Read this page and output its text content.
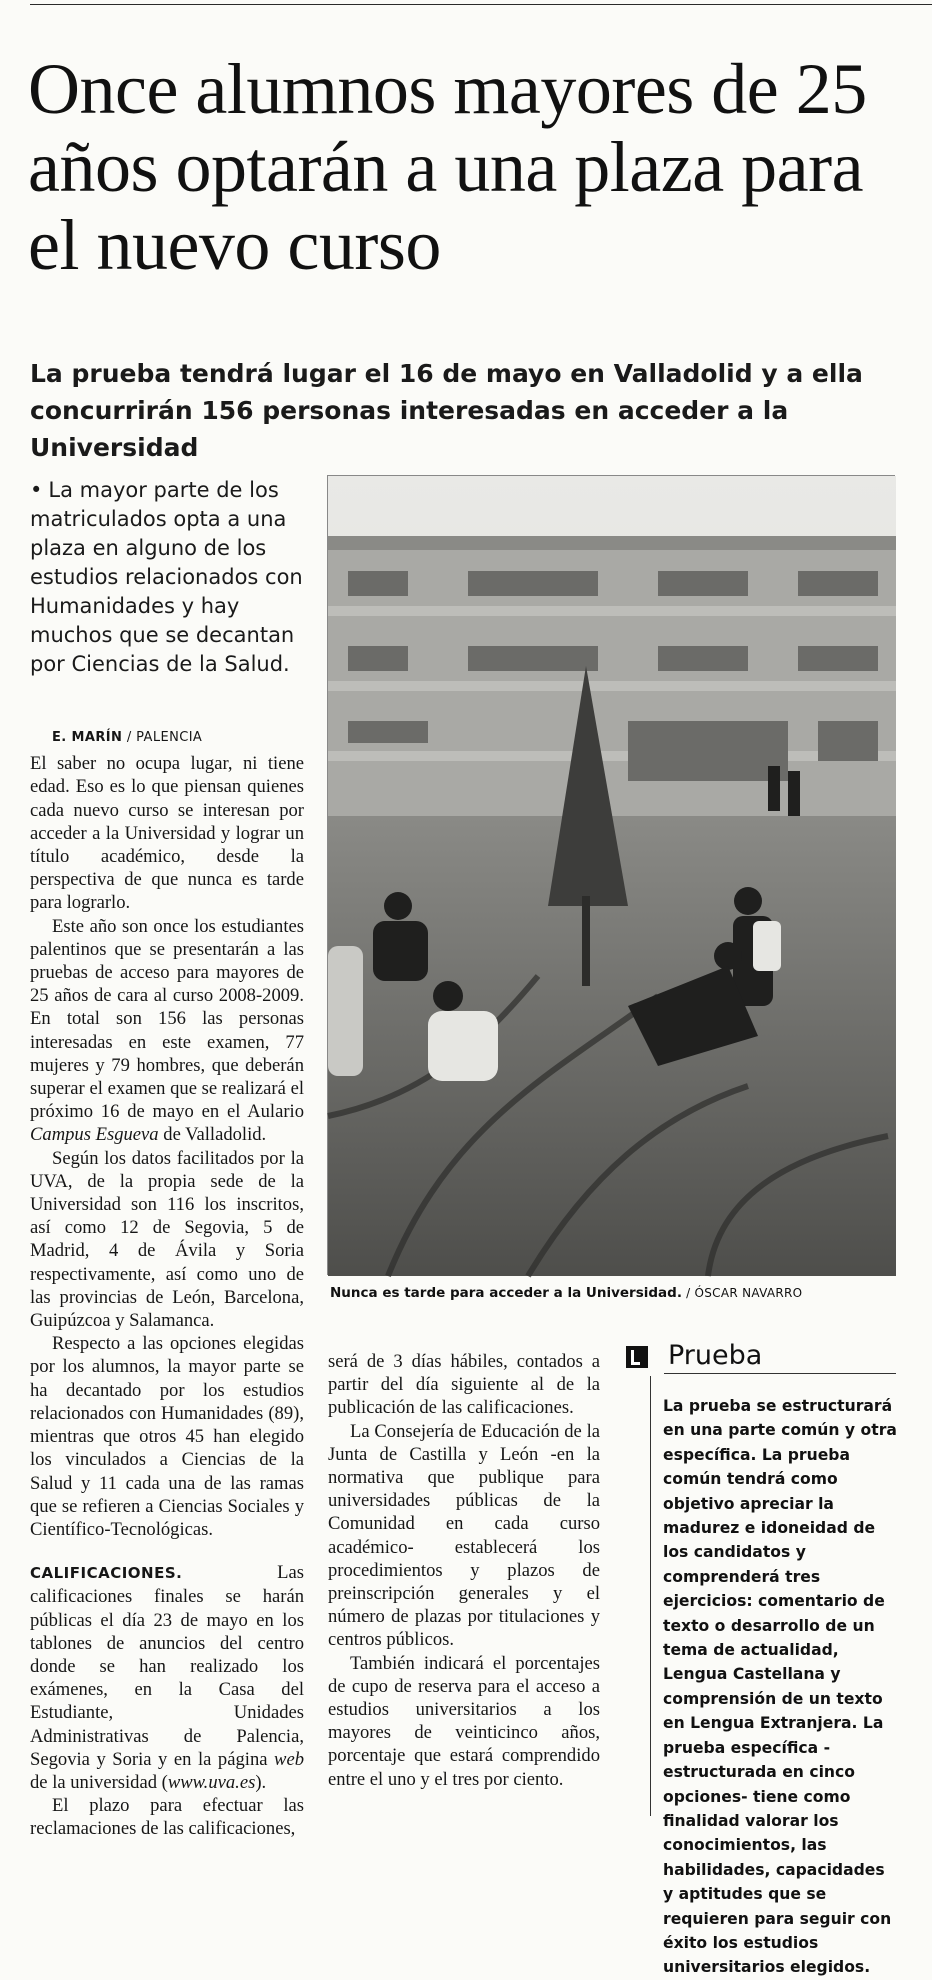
Once alumnos mayores de 25 años optarán a una plaza para el nuevo curso
La prueba tendrá lugar el 16 de mayo en Valladolid y a ella concurrirán 156 personas interesadas en acceder a la Universidad
• La mayor parte de los matriculados opta a una plaza en alguno de los estudios relacionados con Humanidades y hay muchos que se decantan por Ciencias de la Salud.

E. MARÍN / PALENCIA

El saber no ocupa lugar, ni tiene edad. Eso es lo que piensan quienes cada nuevo curso se interesan por acceder a la Universidad y lograr un título académico, desde la perspectiva de que nunca es tarde para lograrlo.

Este año son once los estudiantes palentinos que se presentarán a las pruebas de acceso para mayores de 25 años de cara al curso 2008-2009. En total son 156 las personas interesadas en este examen, 77 mujeres y 79 hombres, que deberán superar el examen que se realizará el próximo 16 de mayo en el Aulario Campus Esgueva de Valladolid.

Según los datos facilitados por la UVA, de la propia sede de la Universidad son 116 los inscritos, así como 12 de Segovia, 5 de Madrid, 4 de Ávila y Soria respectivamente, así como uno de las provincias de León, Barcelona, Guipúzcoa y Salamanca.

Respecto a las opciones elegidas por los alumnos, la mayor parte se ha decantado por los estudios relacionados con Humanidades (89), mientras que otros 45 han elegido los vinculados a Ciencias de la Salud y 11 cada una de las ramas que se refieren a Ciencias Sociales y Científico-Tecnológicas.

CALIFICACIONES.	Las calificaciones finales se harán públicas el día 23 de mayo en los tablones de anuncios del centro donde se han realizado los exámenes, en la Casa del Estudiante, Unidades Administrativas de Palencia, Segovia y Soria y en la página web de la universidad (www.uva.es).

El plazo para efectuar las reclamaciones de las calificaciones,

será de 3 días hábiles, contados a partir del día siguiente al de la publicación de las calificaciones.

La Consejería de Educación de la Junta de Castilla y León -en la normativa que publique para universidades públicas de la Comunidad en cada curso académico- establecerá los procedimientos y plazos de preinscripción generales y el número de plazas por titulaciones y centros públicos.

También indicará el porcentajes de cupo de reserva para el acceso a estudios universitarios a los mayores de veinticinco años, porcentaje que estará comprendido entre el uno y el tres por ciento.

Nunca es tarde para acceder a la Universidad. / ÓSCAR NAVARRO
Prueba

La prueba se estructurará en una parte común y otra específica. La prueba común tendrá como objetivo apreciar la madurez e idoneidad de los candidatos y comprenderá tres ejercicios: comentario de texto o desarrollo de un tema de actualidad, Lengua Castellana y comprensión de un texto en Lengua Extranjera. La prueba específica -estructurada en cinco opciones- tiene como finalidad valorar los conocimientos, las habilidades, capacidades y aptitudes que se requieren para seguir con éxito los estudios universitarios elegidos.
